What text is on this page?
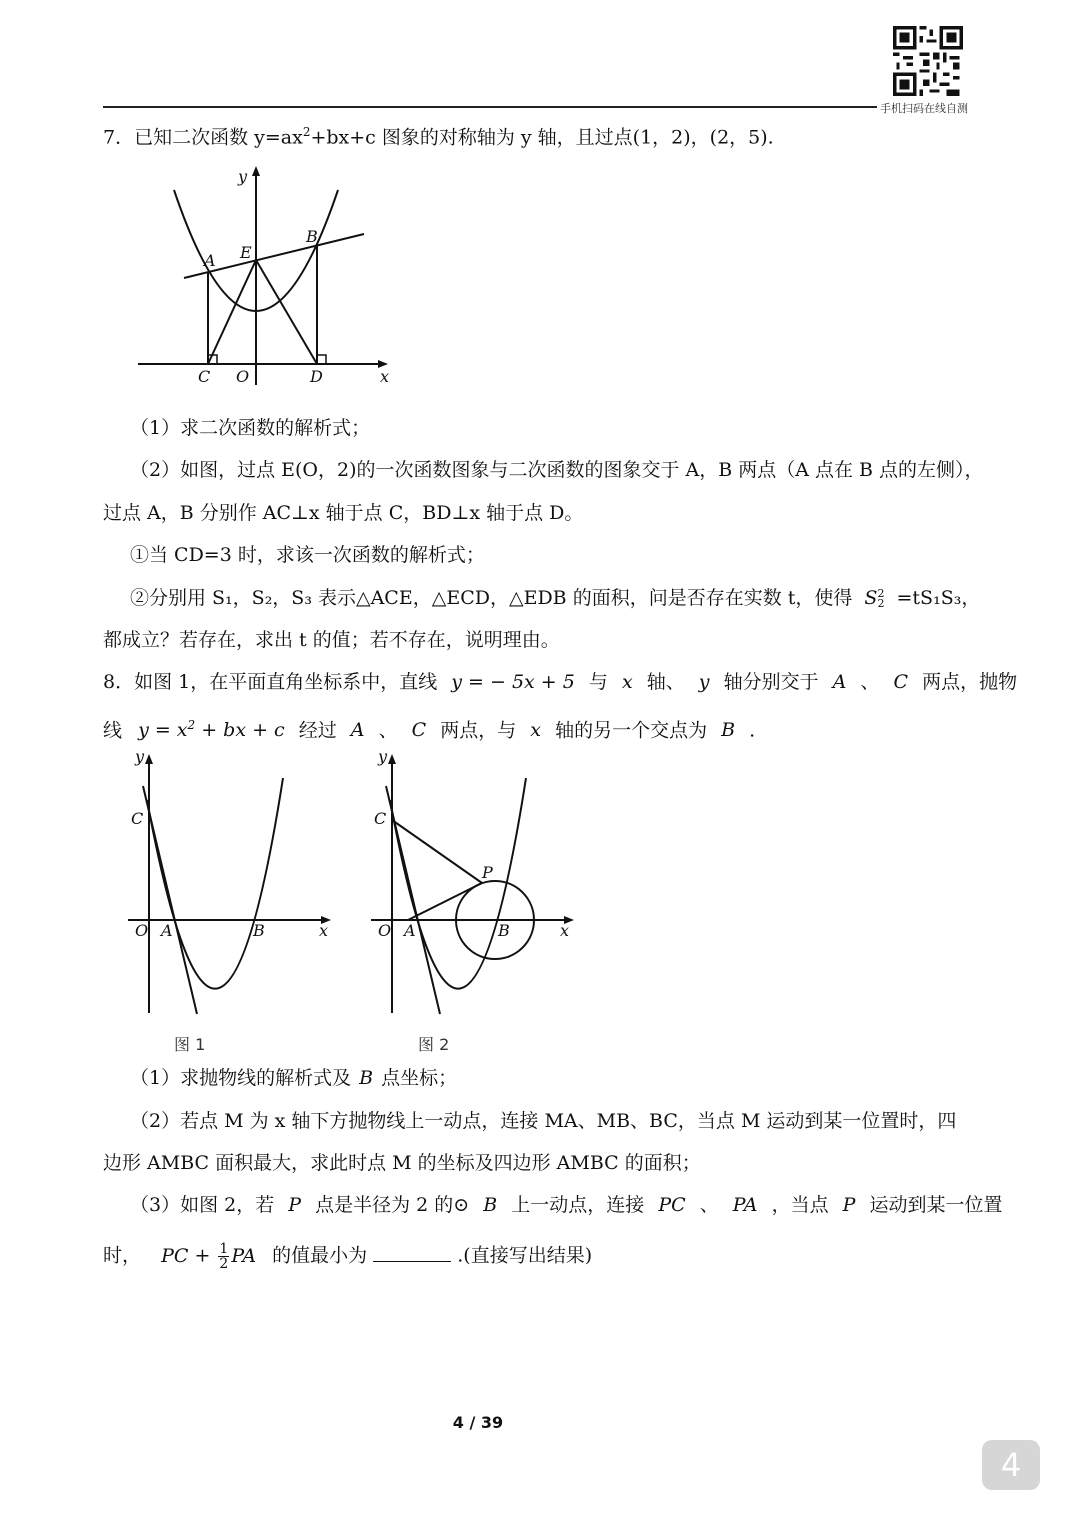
手机扫码在线自测
7．已知二次函数 $y=ax^2+bx+c$ 图象的对称轴为 y 轴，且过点(1，2)，(2，5).
y
x
E
B
A
C O	D
（1）求二次函数的解析式；
（2）如图，过点 E(O，2)的一次函数图象与二次函数的图象交于 A，B 两点（A 点在 B 点的左侧），
过点 A，B 分别作 AC⊥x 轴于点 C，BD⊥x 轴于点 D。
①当 CD=3 时，求该一次函数的解析式；
②分别用 S₁，S₂，S₃ 表示△ACE，△ECD，△EDB 的面积，问是否存在实数 t，使得 S 2
2 =tS₁S₃，
都成立？若存在，求出 t 的值；若不存在，说明理由。
8．如图 1，在平面直角坐标系中，直线 y = − 5x + 5 与 x 轴、 y 轴分别交于 A 、 C 两点，抛物
线 $y = x^2$ + bx + c 经过 A 、 C 两点，与 x 轴的另一个交点为 B .
y
x
C
O A	B
图 1
y
x
C
O A	B
P
图 2
（1）求抛物线的解析式及 B 点坐标；
（2）若点 M 为 x 轴下方抛物线上一动点，连接 MA、MB、BC，当点 M 运动到某一位置时，四
边形 AMBC 面积最大，求此时点 M 的坐标及四边形 AMBC 的面积；
（3）如图 2，若 P 点是半径为 2 的⊙ B 上一动点，连接 PC 、 PA ，当点 P 运动到某一位置
时， PC + $\frac{1}{2}$ PA 的值最小为	.(直接写出结果)
4 / 39
4
